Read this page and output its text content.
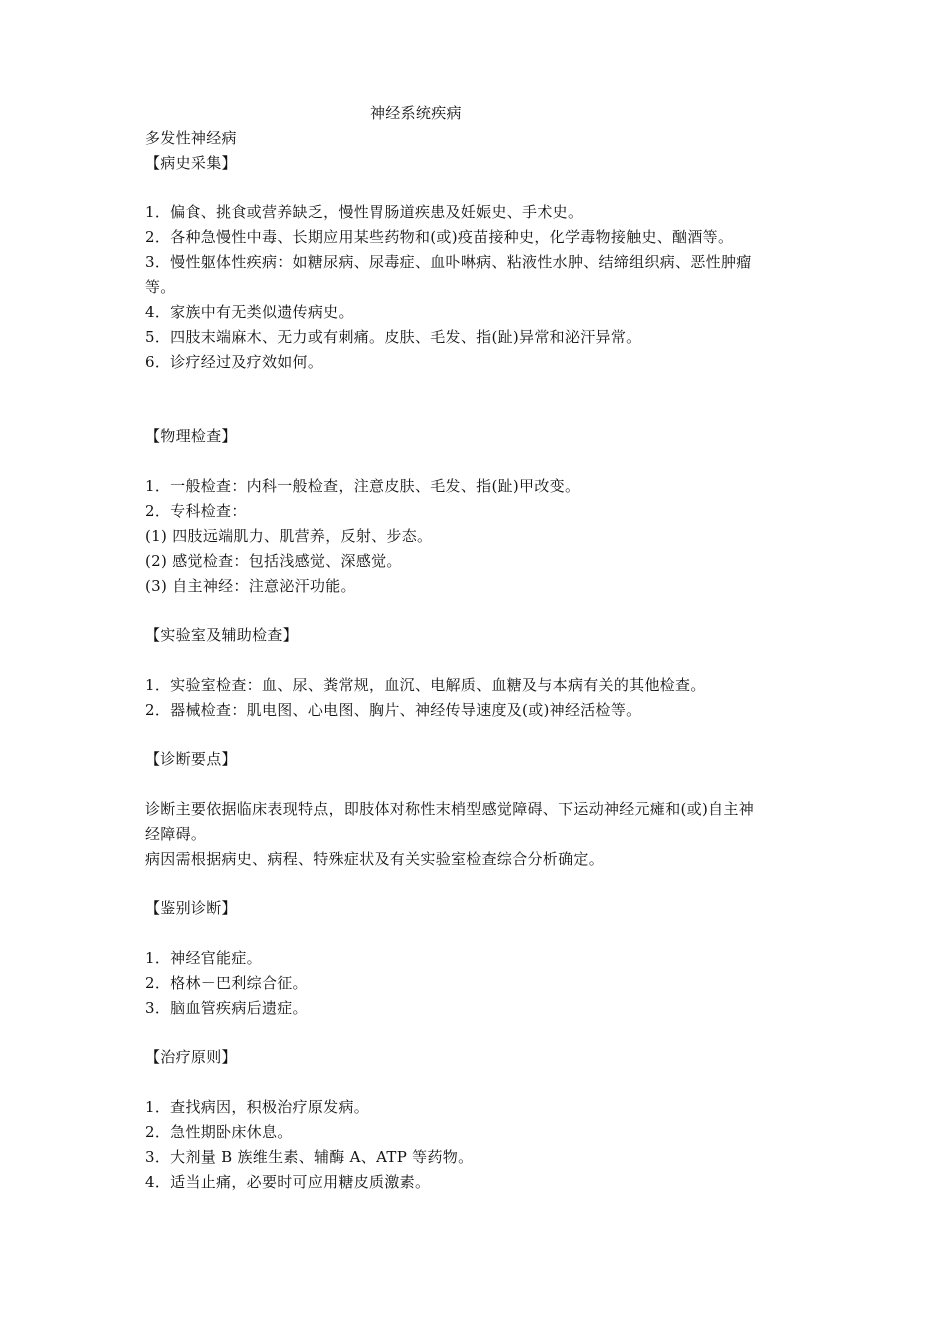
神经系统疾病
多发性神经病
【病史采集】
1．偏食、挑食或营养缺乏，慢性胃肠道疾患及妊娠史、手术史。
2．各种急慢性中毒、长期应用某些药物和(或)疫苗接种史，化学毒物接触史、酗酒等。
3．慢性躯体性疾病：如糖尿病、尿毒症、血卟啉病、粘液性水肿、结缔组织病、恶性肿瘤
等。
4．家族中有无类似遗传病史。
5．四肢末端麻木、无力或有刺痛。皮肤、毛发、指(趾)异常和泌汗异常。
6．诊疗经过及疗效如何。
【物理检查】
1．一般检查：内科一般检查，注意皮肤、毛发、指(趾)甲改变。
2．专科检查：
(1) 四肢远端肌力、肌营养，反射、步态。
(2) 感觉检查：包括浅感觉、深感觉。
(3) 自主神经：注意泌汗功能。
【实验室及辅助检查】
1．实验室检查：血、尿、粪常规，血沉、电解质、血糖及与本病有关的其他检查。
2．器械检查：肌电图、心电图、胸片、神经传导速度及(或)神经活检等。
【诊断要点】
诊断主要依据临床表现特点，即肢体对称性末梢型感觉障碍、下运动神经元瘫和(或)自主神
经障碍。
病因需根据病史、病程、特殊症状及有关实验室检查综合分析确定。
【鉴别诊断】
1．神经官能症。
2．格林－巴利综合征。
3．脑血管疾病后遗症。
【治疗原则】
1．查找病因，积极治疗原发病。
2．急性期卧床休息。
3．大剂量 B 族维生素、辅酶 A、ATP 等药物。
4．适当止痛，必要时可应用糖皮质激素。
